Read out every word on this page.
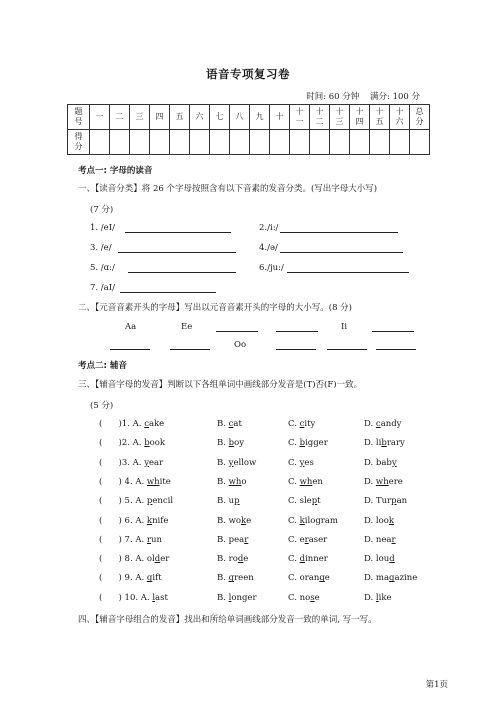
语音专项复习卷
时间: 60 分钟 满分: 100 分
题号	一	二	三	四	五	六	七	八	九	十	十一	十二	十三	十四	十五	十六	总分
得分																	
考点一: 字母的读音
一、【读音分类】将 26 个字母按照含有以下音素的发音分类。(写出字母大小写)
(7 分)
1. /eI/	2./i:/
3. /e/	4./ə/
5. /ɑ:/	6./ju:/
7. /aI/
二、【元音音素开头的字母】写出以元音音素开头的字母的大小写。(8 分)
Aa	Ee	Ii
Oo
考点二: 辅音
三、【辅音字母的发音】判断以下各组单词中画线部分发音是(T)否(F)一致。
(5 分)
(      )1. A. cake	B. cat	C. city	D. candy
(      )2. A. book	B. boy	C. bigger	D. library
(      )3. A. year	B. yellow	C. yes	D. baby
(      ) 4. A. white	B. who	C. when	D. where
(      ) 5. A. pencil	B. up	C. slept	D. Turpan
(      ) 6. A. knife	B. woke	C. kilogram	D. look
(      ) 7. A. run	B. pear	C. eraser	D. near
(      ) 8. A. older	B. rode	C. dinner	D. loud
(      ) 9. A. gift	B. green	C. orange	D. magazine
(      ) 10. A. last	B. longer	C. nose	D. like
四、【辅音字母组合的发音】找出和所给单词画线部分发音一致的单词, 写一写。
第1页
